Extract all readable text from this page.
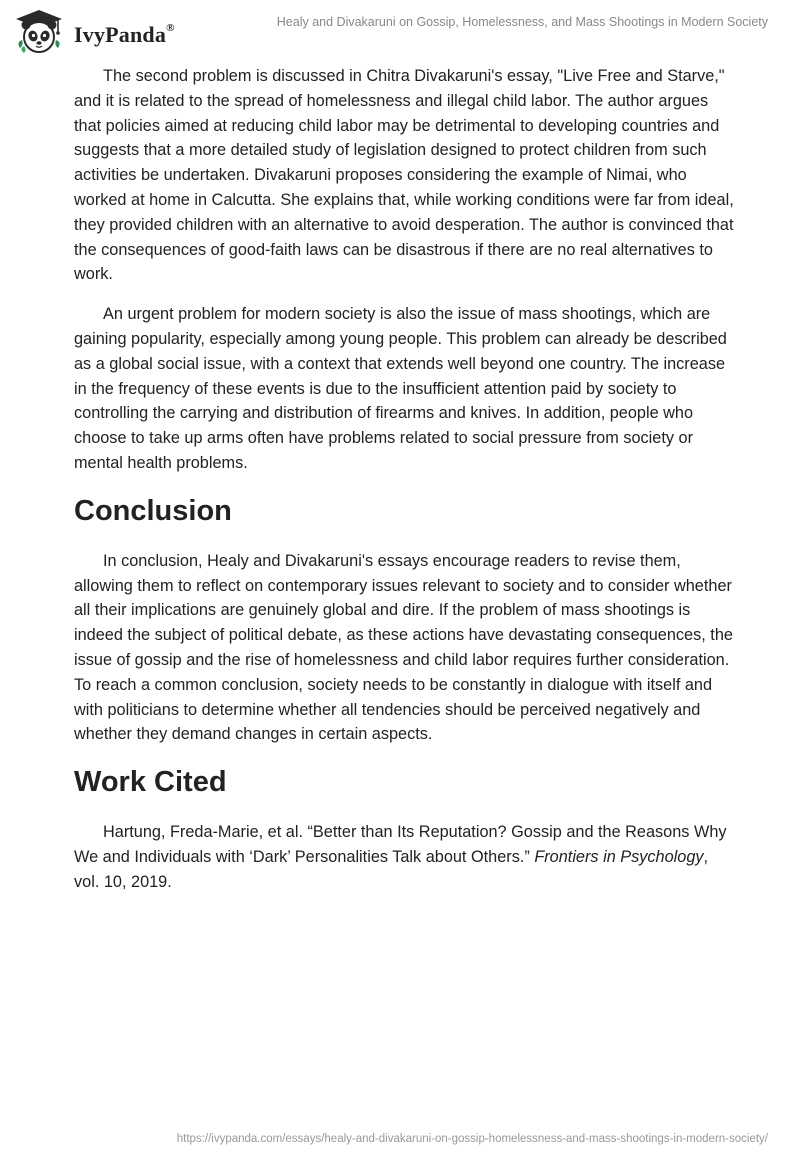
IvyPanda®	Healy and Divakaruni on Gossip, Homelessness, and Mass Shootings in Modern Society

The second problem is discussed in Chitra Divakaruni's essay, "Live Free and Starve," and it is related to the spread of homelessness and illegal child labor. The author argues that policies aimed at reducing child labor may be detrimental to developing countries and suggests that a more detailed study of legislation designed to protect children from such activities be undertaken. Divakaruni proposes considering the example of Nimai, who worked at home in Calcutta. She explains that, while working conditions were far from ideal, they provided children with an alternative to avoid desperation. The author is convinced that the consequences of good-faith laws can be disastrous if there are no real alternatives to work.

An urgent problem for modern society is also the issue of mass shootings, which are gaining popularity, especially among young people. This problem can already be described as a global social issue, with a context that extends well beyond one country. The increase in the frequency of these events is due to the insufficient attention paid by society to controlling the carrying and distribution of firearms and knives. In addition, people who choose to take up arms often have problems related to social pressure from society or mental health problems.

Conclusion

In conclusion, Healy and Divakaruni's essays encourage readers to revise them, allowing them to reflect on contemporary issues relevant to society and to consider whether all their implications are genuinely global and dire. If the problem of mass shootings is indeed the subject of political debate, as these actions have devastating consequences, the issue of gossip and the rise of homelessness and child labor requires further consideration. To reach a common conclusion, society needs to be constantly in dialogue with itself and with politicians to determine whether all tendencies should be perceived negatively and whether they demand changes in certain aspects.

Work Cited

Hartung, Freda-Marie, et al. “Better than Its Reputation? Gossip and the Reasons Why We and Individuals with ‘Dark’ Personalities Talk about Others.” Frontiers in Psychology, vol. 10, 2019.

https://ivypanda.com/essays/healy-and-divakaruni-on-gossip-homelessness-and-mass-shootings-in-modern-society/
